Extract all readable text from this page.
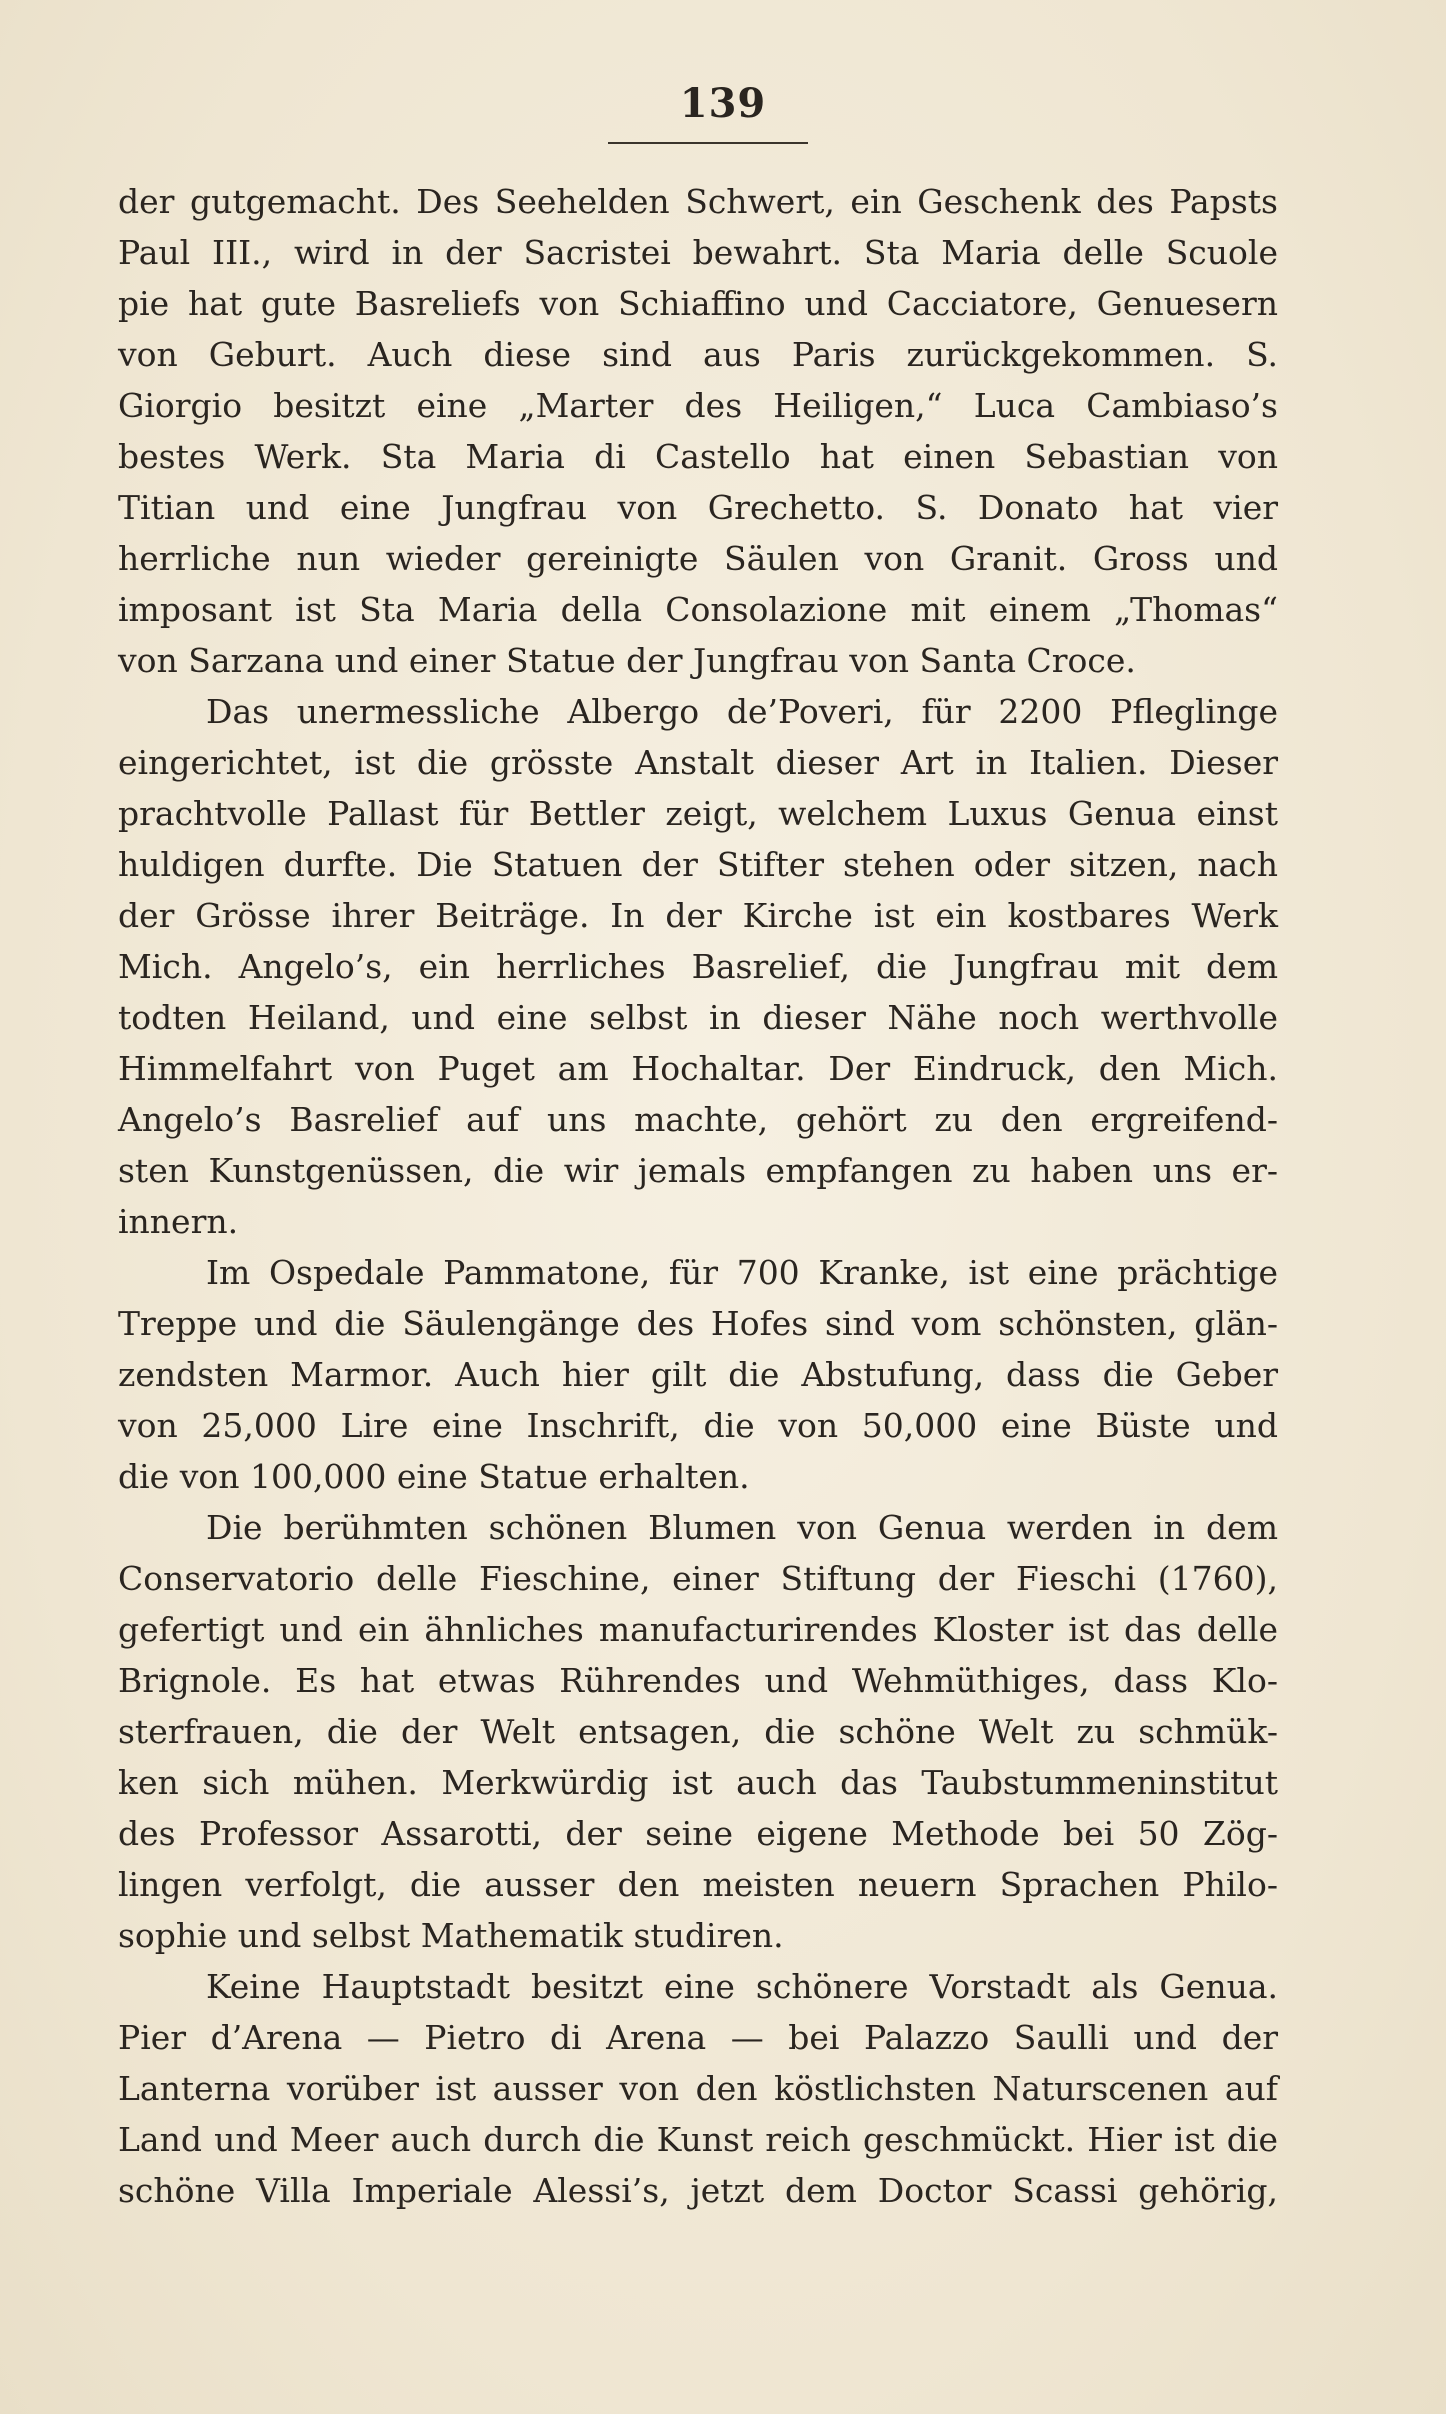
139
der gutgemacht. Des Seehelden Schwert, ein Geschenk des Papsts
Paul III., wird in der Sacristei bewahrt. Sta Maria delle Scuole
pie hat gute Basreliefs von Schiaffino und Cacciatore, Genuesern
von Geburt. Auch diese sind aus Paris zurückgekommen. S.
Giorgio besitzt eine „Marter des Heiligen,“ Luca Cambiaso’s
bestes Werk. Sta Maria di Castello hat einen Sebastian von
Titian und eine Jungfrau von Grechetto. S. Donato hat vier
herrliche nun wieder gereinigte Säulen von Granit. Gross und
imposant ist Sta Maria della Consolazione mit einem „Thomas“
von Sarzana und einer Statue der Jungfrau von Santa Croce.
Das unermessliche Albergo de’Poveri, für 2200 Pfleglinge
eingerichtet, ist die grösste Anstalt dieser Art in Italien. Dieser
prachtvolle Pallast für Bettler zeigt, welchem Luxus Genua einst
huldigen durfte. Die Statuen der Stifter stehen oder sitzen, nach
der Grösse ihrer Beiträge. In der Kirche ist ein kostbares Werk
Mich. Angelo’s, ein herrliches Basrelief, die Jungfrau mit dem
todten Heiland, und eine selbst in dieser Nähe noch werthvolle
Himmelfahrt von Puget am Hochaltar. Der Eindruck, den Mich.
Angelo’s Basrelief auf uns machte, gehört zu den ergreifend-
sten Kunstgenüssen, die wir jemals empfangen zu haben uns er-
innern.
Im Ospedale Pammatone, für 700 Kranke, ist eine prächtige
Treppe und die Säulengänge des Hofes sind vom schönsten, glän-
zendsten Marmor. Auch hier gilt die Abstufung, dass die Geber
von 25,000 Lire eine Inschrift, die von 50,000 eine Büste und
die von 100,000 eine Statue erhalten.
Die berühmten schönen Blumen von Genua werden in dem
Conservatorio delle Fieschine, einer Stiftung der Fieschi (1760),
gefertigt und ein ähnliches manufacturirendes Kloster ist das delle
Brignole. Es hat etwas Rührendes und Wehmüthiges, dass Klo-
sterfrauen, die der Welt entsagen, die schöne Welt zu schmük-
ken sich mühen. Merkwürdig ist auch das Taubstummeninstitut
des Professor Assarotti, der seine eigene Methode bei 50 Zög-
lingen verfolgt, die ausser den meisten neuern Sprachen Philo-
sophie und selbst Mathematik studiren.
Keine Hauptstadt besitzt eine schönere Vorstadt als Genua.
Pier d’Arena — Pietro di Arena — bei Palazzo Saulli und der
Lanterna vorüber ist ausser von den köstlichsten Naturscenen auf
Land und Meer auch durch die Kunst reich geschmückt. Hier ist die
schöne Villa Imperiale Alessi’s, jetzt dem Doctor Scassi gehörig,
